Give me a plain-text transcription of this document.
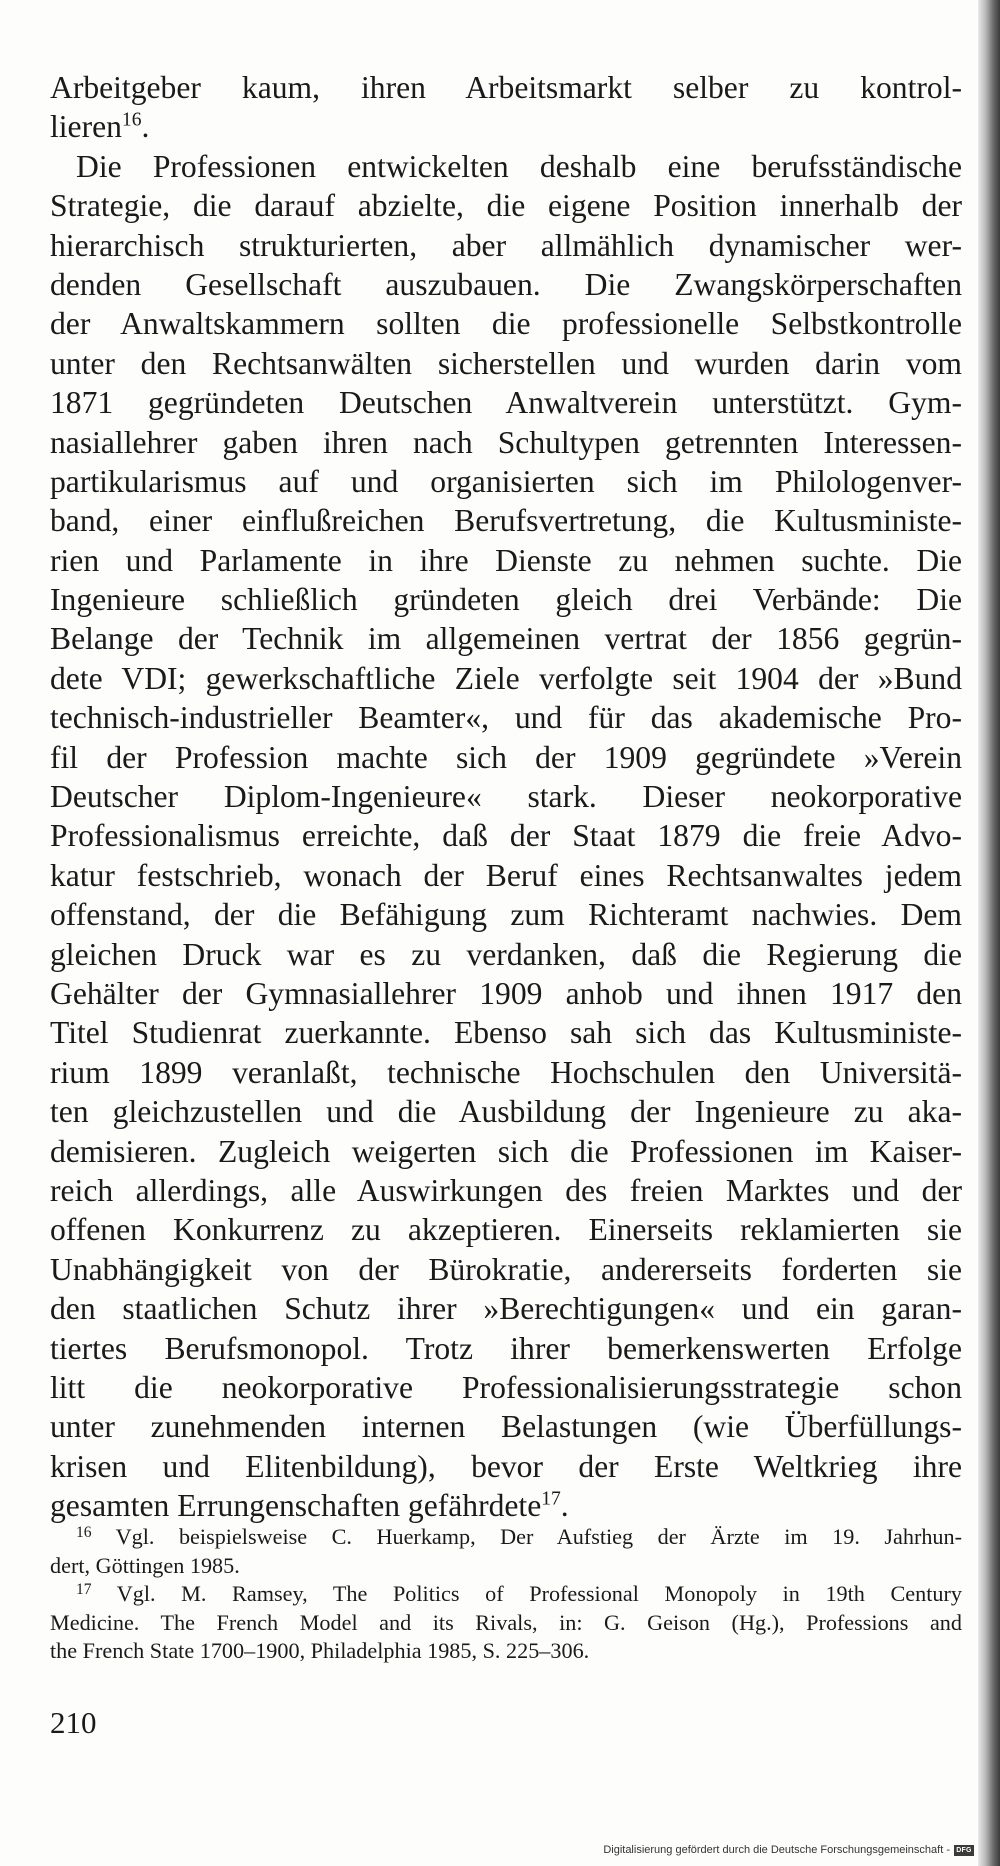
Arbeitgeber kaum, ihren Arbeitsmarkt selber zu kontrol-
lieren$^{16}$.
Die Professionen entwickelten deshalb eine berufsständische
Strategie, die darauf abzielte, die eigene Position innerhalb der
hierarchisch strukturierten, aber allmählich dynamischer wer-
denden Gesellschaft auszubauen. Die Zwangskörperschaften
der Anwaltskammern sollten die professionelle Selbstkontrolle
unter den Rechtsanwälten sicherstellen und wurden darin vom
1871 gegründeten Deutschen Anwaltverein unterstützt. Gym-
nasiallehrer gaben ihren nach Schultypen getrennten Interessen-
partikularismus auf und organisierten sich im Philologenver-
band, einer einflußreichen Berufsvertretung, die Kultusministe-
rien und Parlamente in ihre Dienste zu nehmen suchte. Die
Ingenieure schließlich gründeten gleich drei Verbände: Die
Belange der Technik im allgemeinen vertrat der 1856 gegrün-
dete VDI; gewerkschaftliche Ziele verfolgte seit 1904 der »Bund
technisch-industrieller Beamter«, und für das akademische Pro-
fil der Profession machte sich der 1909 gegründete »Verein
Deutscher Diplom-Ingenieure« stark. Dieser neokorporative
Professionalismus erreichte, daß der Staat 1879 die freie Advo-
katur festschrieb, wonach der Beruf eines Rechtsanwaltes jedem
offenstand, der die Befähigung zum Richteramt nachwies. Dem
gleichen Druck war es zu verdanken, daß die Regierung die
Gehälter der Gymnasiallehrer 1909 anhob und ihnen 1917 den
Titel Studienrat zuerkannte. Ebenso sah sich das Kultusministe-
rium 1899 veranlaßt, technische Hochschulen den Universitä-
ten gleichzustellen und die Ausbildung der Ingenieure zu aka-
demisieren. Zugleich weigerten sich die Professionen im Kaiser-
reich allerdings, alle Auswirkungen des freien Marktes und der
offenen Konkurrenz zu akzeptieren. Einerseits reklamierten sie
Unabhängigkeit von der Bürokratie, andererseits forderten sie
den staatlichen Schutz ihrer »Berechtigungen« und ein garan-
tiertes Berufsmonopol. Trotz ihrer bemerkenswerten Erfolge
litt die neokorporative Professionalisierungsstrategie schon
unter zunehmenden internen Belastungen (wie Überfüllungs-
krisen und Elitenbildung), bevor der Erste Weltkrieg ihre
gesamten Errungenschaften gefährdete$^{17}$.
$^{16}$ Vgl. beispielsweise C. Huerkamp, Der Aufstieg der Ärzte im 19. Jahrhun-
dert, Göttingen 1985.
$^{17}$ Vgl. M. Ramsey, The Politics of Professional Monopoly in 19th Century
Medicine. The French Model and its Rivals, in: G. Geison (Hg.), Professions and
the French State 1700–1900, Philadelphia 1985, S. 225–306.
210
Digitalisierung gefördert durch die Deutsche Forschungsgemeinschaft - DFG
